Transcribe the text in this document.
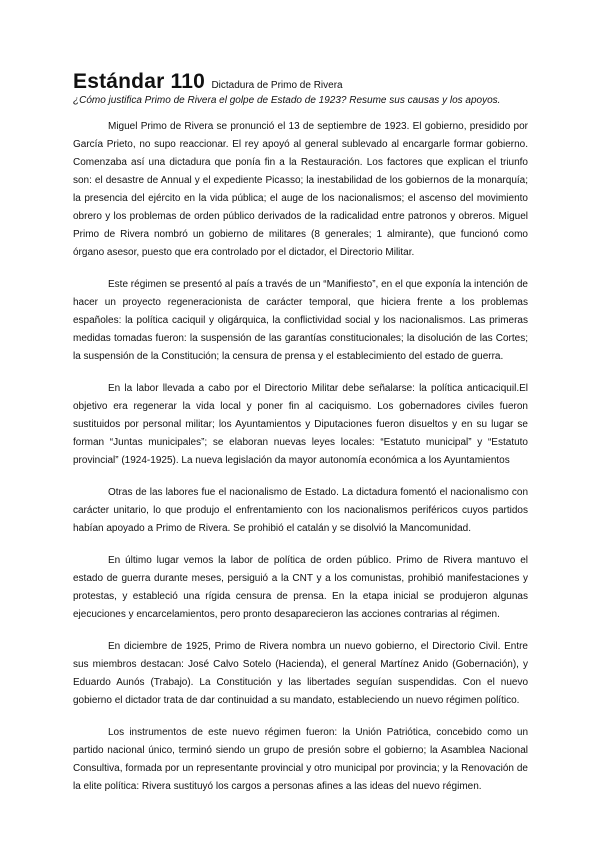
Estándar 110 Dictadura de Primo de Rivera
¿Cómo justifica Primo de Rivera el golpe de Estado de 1923? Resume sus causas y los apoyos.

Miguel Primo de Rivera se pronunció el 13 de septiembre de 1923. El gobierno, presidido por García Prieto, no supo reaccionar. El rey apoyó al general sublevado al encargarle formar gobierno. Comenzaba así una dictadura que ponía fin a la Restauración. Los factores que explican el triunfo son: el desastre de Annual y el expediente Picasso; la inestabilidad de los gobiernos de la monarquía; la presencia del ejército en la vida pública; el auge de los nacionalismos; el ascenso del movimiento obrero y los problemas de orden público derivados de la radicalidad entre patronos y obreros. Miguel Primo de Rivera nombró un gobierno de militares (8 generales; 1 almirante), que funcionó como órgano asesor, puesto que era controlado por el dictador, el Directorio Militar.

Este régimen se presentó al país a través de un “Manifiesto”, en el que exponía la intención de hacer un proyecto regeneracionista de carácter temporal, que hiciera frente a los problemas españoles: la política caciquil y oligárquica, la conflictividad social y los nacionalismos. Las primeras medidas tomadas fueron: la suspensión de las garantías constitucionales; la disolución de las Cortes; la suspensión de la Constitución; la censura de prensa y el establecimiento del estado de guerra.

En la labor llevada a cabo por el Directorio Militar debe señalarse: la política anticaciquil.El objetivo era regenerar la vida local y poner fin al caciquismo. Los gobernadores civiles fueron sustituidos por personal militar; los Ayuntamientos y Diputaciones fueron disueltos y en su lugar se forman “Juntas municipales”; se elaboran nuevas leyes locales: “Estatuto municipal” y “Estatuto provincial” (1924-1925). La nueva legislación da mayor autonomía económica a los Ayuntamientos

Otras de las labores fue el nacionalismo de Estado. La dictadura fomentó el nacionalismo con carácter unitario, lo que produjo el enfrentamiento con los nacionalismos periféricos cuyos partidos habían apoyado a Primo de Rivera. Se prohibió el catalán y se disolvió la Mancomunidad.

En último lugar vemos la labor de política de orden público. Primo de Rivera mantuvo el estado de guerra durante meses, persiguió a la CNT y a los comunistas, prohibió manifestaciones y protestas, y estableció una rígida censura de prensa. En la etapa inicial se produjeron algunas ejecuciones y encarcelamientos, pero pronto desaparecieron las acciones contrarias al régimen.

En diciembre de 1925, Primo de Rivera nombra un nuevo gobierno, el Directorio Civil. Entre sus miembros destacan: José Calvo Sotelo (Hacienda), el general Martínez Anido (Gobernación), y Eduardo Aunós (Trabajo). La Constitución y las libertades seguían suspendidas. Con el nuevo gobierno el dictador trata de dar continuidad a su mandato, estableciendo un nuevo régimen político.

Los instrumentos de este nuevo régimen fueron: la Unión Patriótica, concebido como un partido nacional único, terminó siendo un grupo de presión sobre el gobierno; la Asamblea Nacional Consultiva, formada por un representante provincial y otro municipal por provincia; y la Renovación de la elite política: Rivera sustituyó los cargos a personas afines a las ideas del nuevo régimen.
